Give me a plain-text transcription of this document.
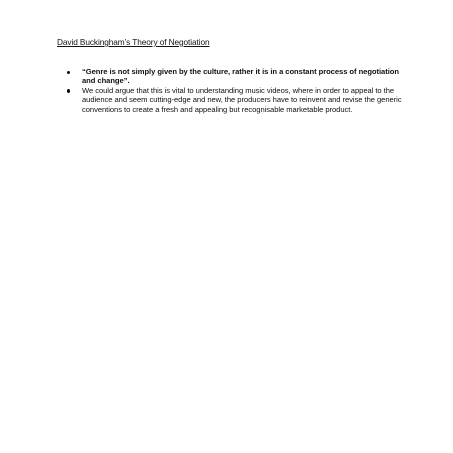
David Buckingham’s Theory of Negotiation
“Genre is not simply given by the culture, rather it is in a constant process of negotiation and change”.
We could argue that this is vital to understanding music videos, where in order to appeal to the audience and seem cutting-edge and new, the producers have to reinvent and revise the generic conventions to create a fresh and appealing but recognisable marketable product.
